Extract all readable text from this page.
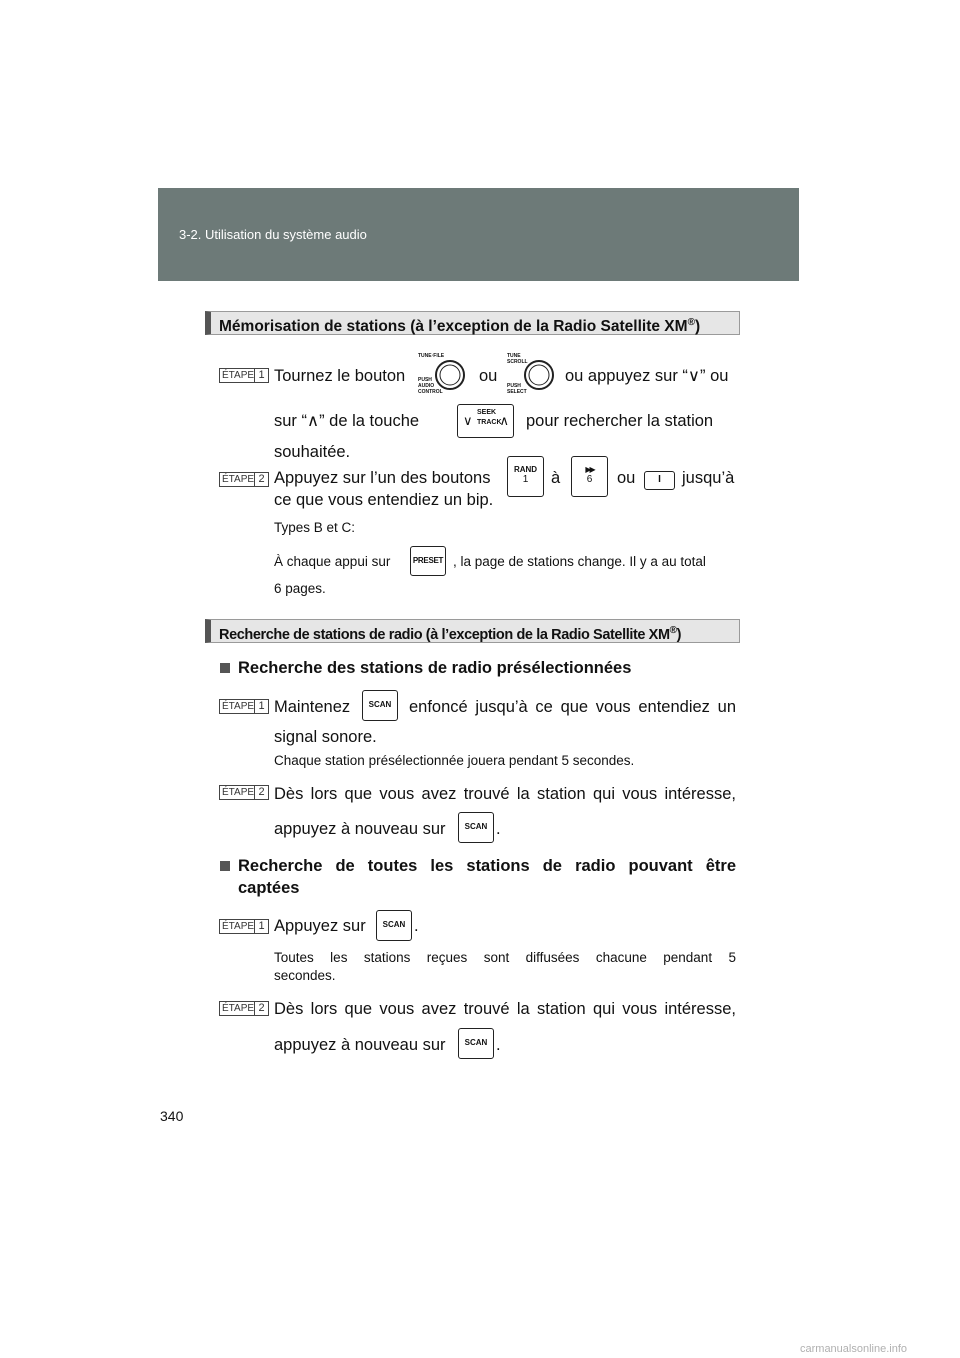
3-2. Utilisation du système audio
Mémorisation de stations (à l’exception de la Radio Satellite XM®)
ÉTAPE 1 Tournez le bouton
TUNE·FILE
PUSH
AUDIO
CONTROL
ou
TUNE
SCROLL
PUSH
SELECT
ou appuyez sur “∨” ou
sur “∧” de la touche	∨
SEEK
TRACK
∧ pour rechercher la station
souhaitée.
ÉTAPE 2 Appuyez sur l’un des boutons	RAND
1	à	▶▶
6	ou	I	jusqu’à
ce que vous entendiez un bip.
Types B et C:
À chaque appui sur	PRESET , la page de stations change. Il y a au total
6 pages.
Recherche de stations de radio (à l’exception de la Radio Satellite XM®)
Recherche des stations de radio présélectionnées
ÉTAPE 1 Maintenez	SCAN	enfoncé jusqu’à ce que vous entendiez un
signal sonore.
Chaque station présélectionnée jouera pendant 5 secondes.
ÉTAPE 2 Dès lors que vous avez trouvé la station qui vous intéresse,
appuyez à nouveau sur	SCAN .
Recherche de toutes les stations de radio pouvant être
captées
ÉTAPE 1 Appuyez sur	SCAN .
Toutes les stations reçues sont diffusées chacune pendant 5
secondes.
ÉTAPE 2 Dès lors que vous avez trouvé la station qui vous intéresse,
appuyez à nouveau sur	SCAN .
340
carmanualsonline.info
